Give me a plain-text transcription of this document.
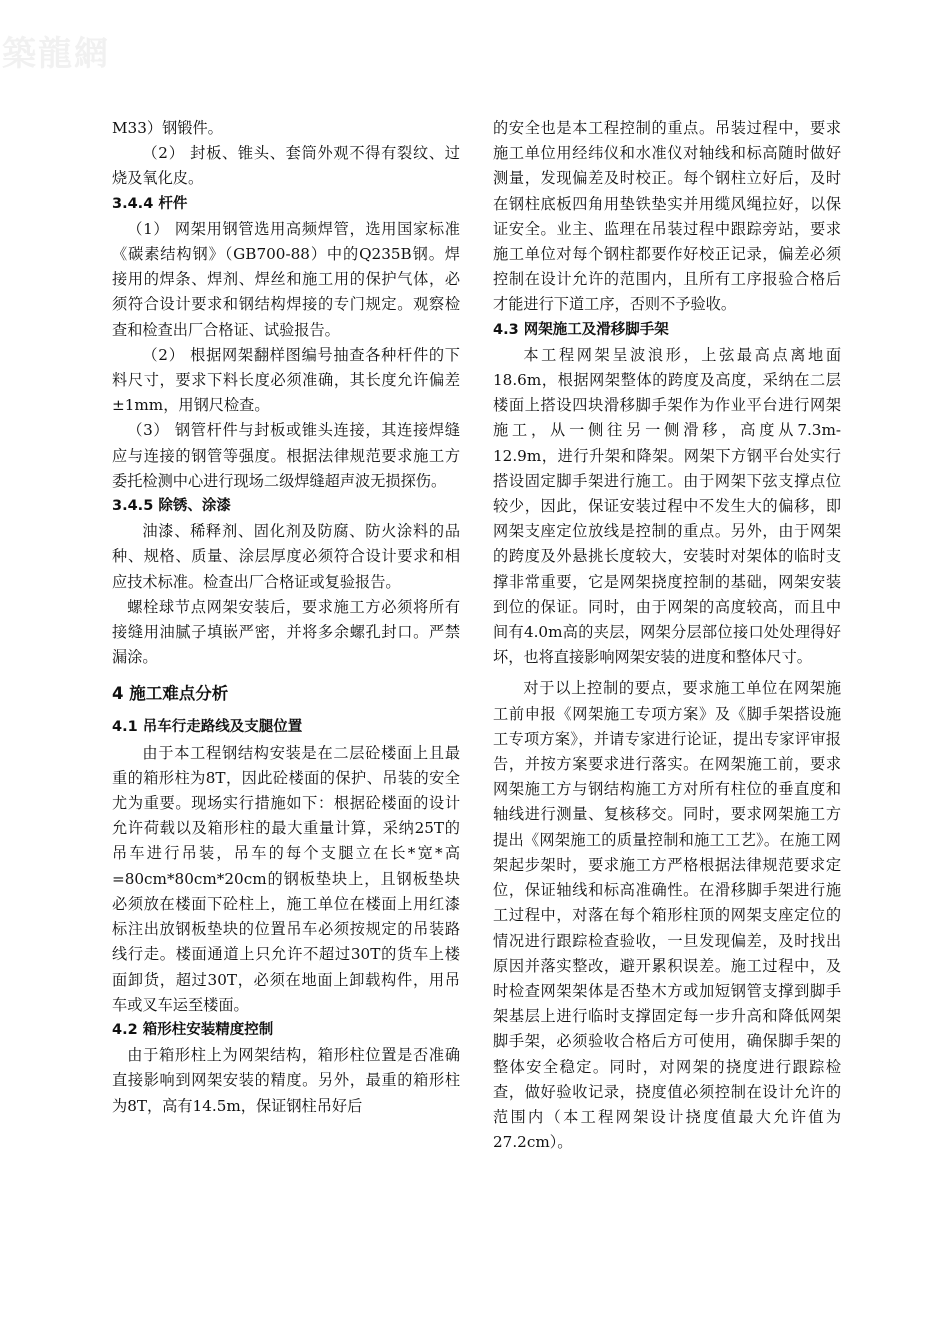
築龍網

M33）钢锻件。

（2） 封板、锥头、套筒外观不得有裂纹、过烧及氧化皮。

3.4.4 杆件

（1） 网架用钢管选用高频焊管，选用国家标准《碳素结构钢》（GB700-88）中的Q235B钢。焊接用的焊条、焊剂、焊丝和施工用的保护气体，必须符合设计要求和钢结构焊接的专门规定。观察检查和检查出厂合格证、试验报告。

（2） 根据网架翻样图编号抽查各种杆件的下料尺寸，要求下料长度必须准确，其长度允许偏差±1mm，用钢尺检查。

（3） 钢管杆件与封板或锥头连接，其连接焊缝应与连接的钢管等强度。根据法律规范要求施工方委托检测中心进行现场二级焊缝超声波无损探伤。

3.4.5 除锈、涂漆

油漆、稀释剂、固化剂及防腐、防火涂料的品种、规格、质量、涂层厚度必须符合设计要求和相应技术标准。检查出厂合格证或复验报告。

螺栓球节点网架安装后，要求施工方必须将所有接缝用油腻子填嵌严密，并将多余螺孔封口。严禁漏涂。

4 施工难点分析
4.1 吊车行走路线及支腿位置

由于本工程钢结构安装是在二层砼楼面上且最重的箱形柱为8T，因此砼楼面的保护、吊装的安全尤为重要。现场实行措施如下：根据砼楼面的设计允许荷载以及箱形柱的最大重量计算，采纳25T的吊车进行吊装，吊车的每个支腿立在长*宽*高=80cm*80cm*20cm的钢板垫块上，且钢板垫块必须放在楼面下砼柱上，施工单位在楼面上用红漆标注出放钢板垫块的位置吊车必须按规定的吊装路线行走。楼面通道上只允许不超过30T的货车上楼面卸货，超过30T，必须在地面上卸载构件，用吊车或叉车运至楼面。

4.2 箱形柱安装精度控制

由于箱形柱上为网架结构，箱形柱位置是否准确直接影响到网架安装的精度。另外，最重的箱形柱为8T，高有14.5m，保证钢柱吊好后

的安全也是本工程控制的重点。吊装过程中，要求施工单位用经纬仪和水准仪对轴线和标高随时做好测量，发现偏差及时校正。每个钢柱立好后，及时在钢柱底板四角用垫铁垫实并用缆风绳拉好，以保证安全。业主、监理在吊装过程中跟踪旁站，要求施工单位对每个钢柱都要作好校正记录，偏差必须控制在设计允许的范围内，且所有工序报验合格后才能进行下道工序，否则不予验收。

4.3 网架施工及滑移脚手架

本工程网架呈波浪形，上弦最高点离地面18.6m，根据网架整体的跨度及高度，采纳在二层楼面上搭设四块滑移脚手架作为作业平台进行网架施工，从一侧往另一侧滑移，高度从7.3m-12.9m，进行升架和降架。网架下方钢平台处实行搭设固定脚手架进行施工。由于网架下弦支撑点位较少，因此，保证安装过程中不发生大的偏移，即网架支座定位放线是控制的重点。另外，由于网架的跨度及外悬挑长度较大，安装时对架体的临时支撑非常重要，它是网架挠度控制的基础，网架安装到位的保证。同时，由于网架的高度较高，而且中间有4.0m高的夹层，网架分层部位接口处处理得好坏，也将直接影响网架安装的进度和整体尺寸。

对于以上控制的要点，要求施工单位在网架施工前申报《网架施工专项方案》及《脚手架搭设施工专项方案》，并请专家进行论证，提出专家评审报告，并按方案要求进行落实。在网架施工前，要求网架施工方与钢结构施工方对所有柱位的垂直度和轴线进行测量、复核移交。同时，要求网架施工方提出《网架施工的质量控制和施工工艺》。在施工网架起步架时，要求施工方严格根据法律规范要求定位，保证轴线和标高准确性。在滑移脚手架进行施工过程中，对落在每个箱形柱顶的网架支座定位的情况进行跟踪检查验收，一旦发现偏差，及时找出原因并落实整改，避开累积误差。施工过程中，及时检查网架架体是否垫木方或加短钢管支撑到脚手架基层上进行临时支撑固定每一步升高和降低网架脚手架，必须验收合格后方可使用，确保脚手架的整体安全稳定。同时，对网架的挠度进行跟踪检查，做好验收记录，挠度值必须控制在设计允许的范围内（本工程网架设计挠度值最大允许值为27.2cm）。
